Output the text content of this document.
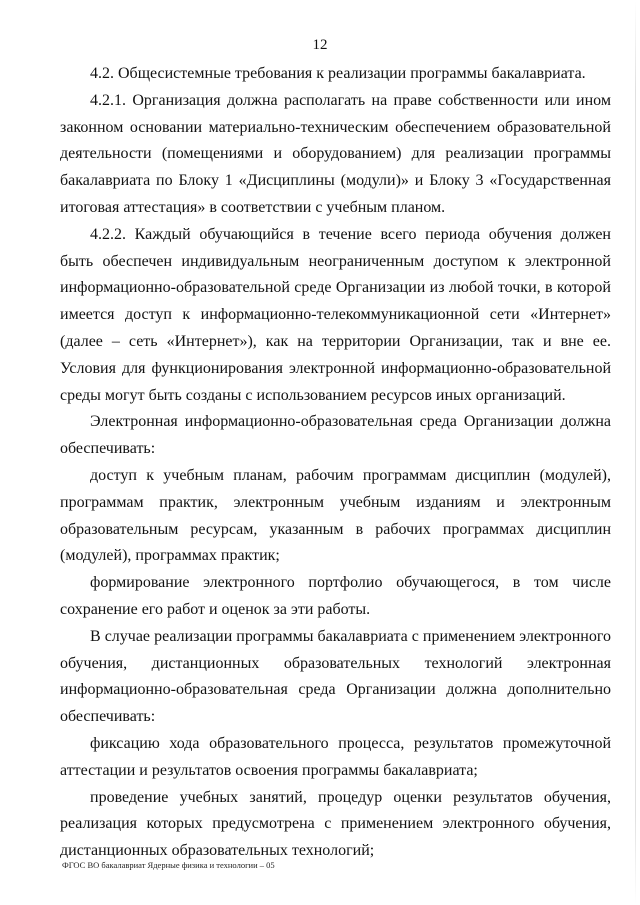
12

4.2. Общесистемные требования к реализации программы бакалавриата.

4.2.1. Организация должна располагать на праве собственности или ином законном основании материально-техническим обеспечением образовательной деятельности (помещениями и оборудованием) для реализации программы бакалавриата по Блоку 1 «Дисциплины (модули)» и Блоку 3 «Государственная итоговая аттестация» в соответствии с учебным планом.

4.2.2. Каждый обучающийся в течение всего периода обучения должен быть обеспечен индивидуальным неограниченным доступом к электронной информационно-образовательной среде Организации из любой точки, в которой имеется доступ к информационно-телекоммуникационной сети «Интернет» (далее – сеть «Интернет»), как на территории Организации, так и вне ее. Условия для функционирования электронной информационно-образовательной среды могут быть созданы с использованием ресурсов иных организаций.

Электронная информационно-образовательная среда Организации должна обеспечивать:

доступ к учебным планам, рабочим программам дисциплин (модулей), программам практик, электронным учебным изданиям и электронным образовательным ресурсам, указанным в рабочих программах дисциплин (модулей), программах практик;

формирование электронного портфолио обучающегося, в том числе сохранение его работ и оценок за эти работы.

В случае реализации программы бакалавриата с применением электронного обучения, дистанционных образовательных технологий электронная информационно-образовательная среда Организации должна дополнительно обеспечивать:

фиксацию хода образовательного процесса, результатов промежуточной аттестации и результатов освоения программы бакалавриата;

проведение учебных занятий, процедур оценки результатов обучения, реализация которых предусмотрена с применением электронного обучения, дистанционных образовательных технологий;

ФГОС ВО бакалавриат Ядерные физика и технологии – 05
